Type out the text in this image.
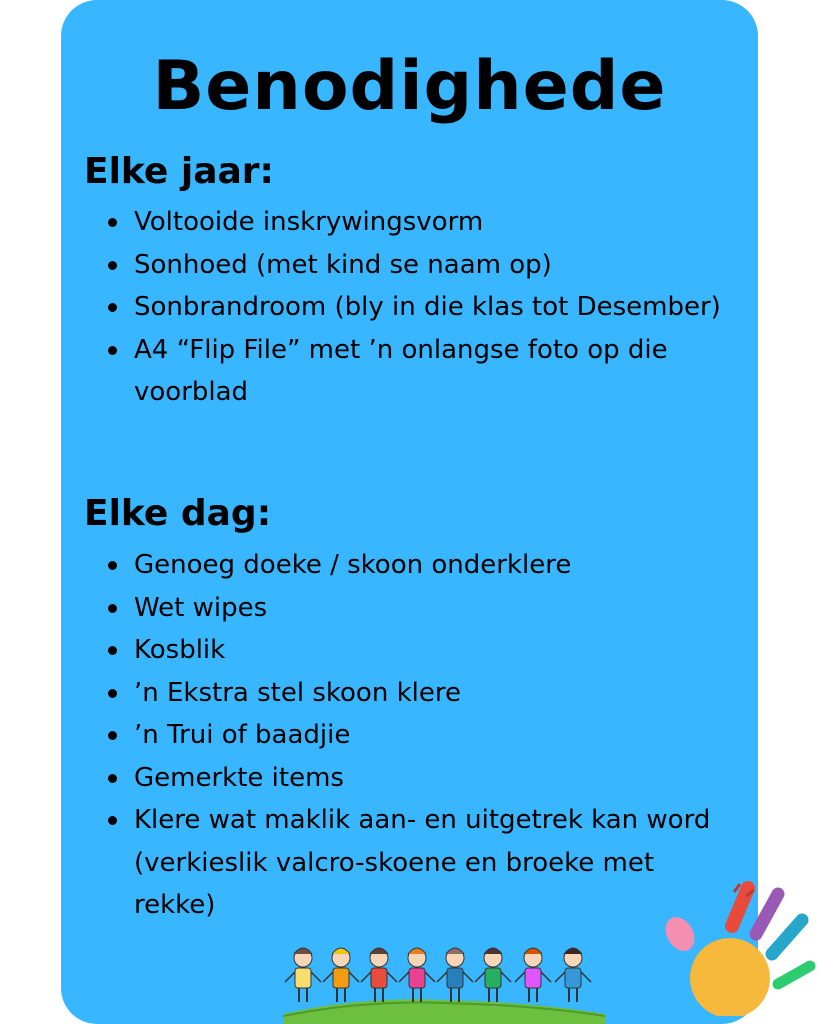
Benodighede
Elke jaar:
Voltooide inskrywingsvorm
Sonhoed (met kind se naam op)
Sonbrandroom (bly in die klas tot Desember)
A4 “Flip File” met ’n onlangse foto op die voorblad
Elke dag:
Genoeg doeke / skoon onderklere
Wet wipes
Kosblik
’n Ekstra stel skoon klere
’n Trui of baadjie
Gemerkte items
Klere wat maklik aan- en uitgetrek kan word (verkieslik valcro-skoene en broeke met rekke)
